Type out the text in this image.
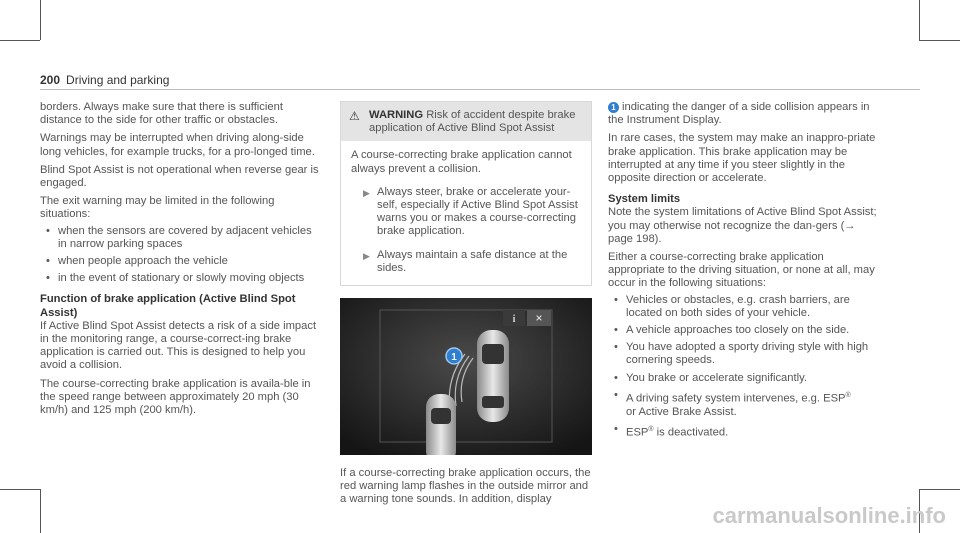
200 Driving and parking

borders. Always make sure that there is sufficient distance to the side for other traffic or obstacles.

Warnings may be interrupted when driving along-side long vehicles, for example trucks, for a pro-longed time.

Blind Spot Assist is not operational when reverse gear is engaged.

The exit warning may be limited in the following situations:

• when the sensors are covered by adjacent vehicles in narrow parking spaces
• when people approach the vehicle
• in the event of stationary or slowly moving objects

Function of brake application (Active Blind Spot Assist)

If Active Blind Spot Assist detects a risk of a side impact in the monitoring range, a course-correct-ing brake application is carried out. This is designed to help you avoid a collision.

The course-correcting brake application is availa-ble in the speed range between approximately 20 mph (30 km/h) and 125 mph (200 km/h).

⚠ WARNING Risk of accident despite brake application of Active Blind Spot Assist
A course-correcting brake application cannot always prevent a collision.
▶ Always steer, brake or accelerate your-self, especially if Active Blind Spot Assist warns you or makes a course-correcting brake application.
▶ Always maintain a safe distance at the sides.
i ×
1

If a course-correcting brake application occurs, the red warning lamp flashes in the outside mirror and a warning tone sounds. In addition, display

1 indicating the danger of a side collision appears in the Instrument Display.

In rare cases, the system may make an inappro-priate brake application. This brake application may be interrupted at any time if you steer slightly in the opposite direction or accelerate.

System limits

Note the system limitations of Active Blind Spot Assist; you may otherwise not recognize the dan-gers (→ page 198).

Either a course-correcting brake application appropriate to the driving situation, or none at all, may occur in the following situations:

• Vehicles or obstacles, e.g. crash barriers, are located on both sides of your vehicle.
• A vehicle approaches too closely on the side.
• You have adopted a sporty driving style with high cornering speeds.
• You brake or accelerate significantly.
• A driving safety system intervenes, e.g. ESP®
or Active Brake Assist.
• ESP® is deactivated.
carmanualsonline.info
